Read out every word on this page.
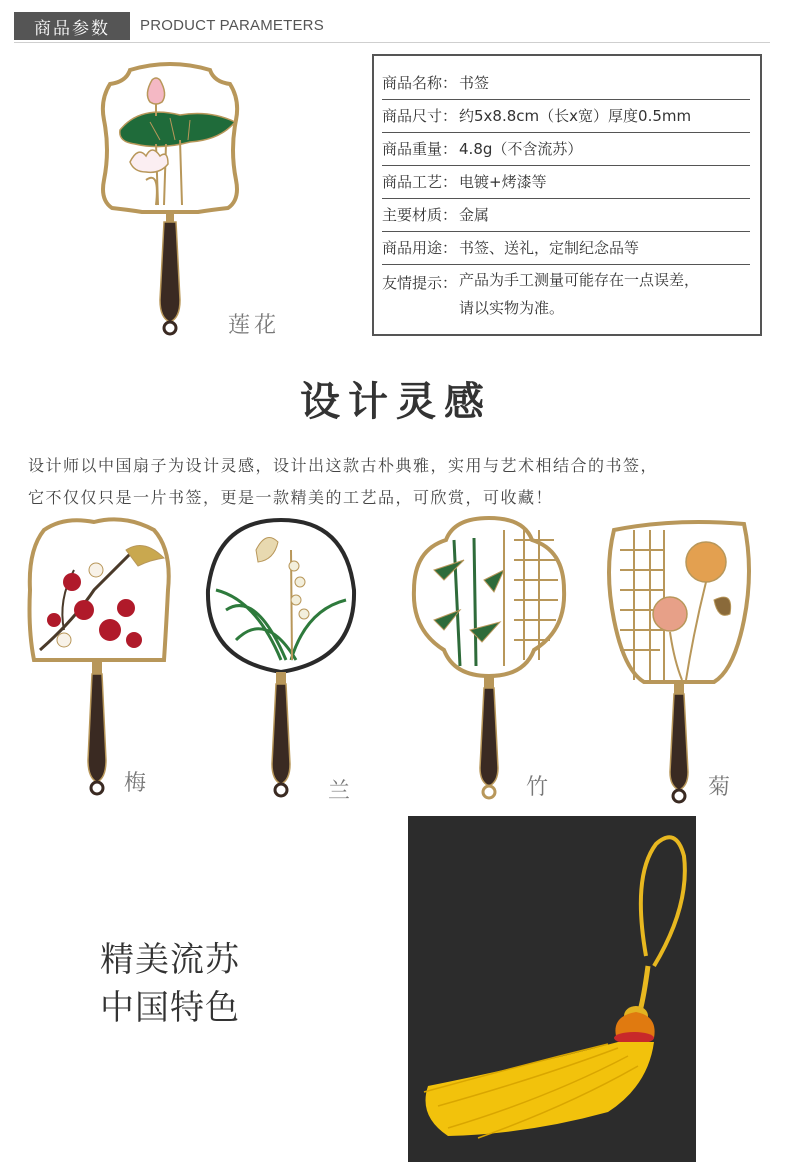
商品参数	PRODUCT PARAMETERS
莲花
商品名称： 书签
商品尺寸： 约5x8.8cm（长x宽）厚度0.5mm
商品重量： 4.8g（不含流苏）
商品工艺： 电镀+烤漆等
主要材质： 金属
商品用途： 书签、送礼，定制纪念品等
友情提示： 产品为手工测量可能存在一点误差，
请以实物为准。
设计灵感
设计师以中国扇子为设计灵感，设计出这款古朴典雅，实用与艺术相结合的书签，
它不仅仅只是一片书签，更是一款精美的工艺品，可欣赏，可收藏！
梅	兰	竹	菊
精美流苏
中国特色
